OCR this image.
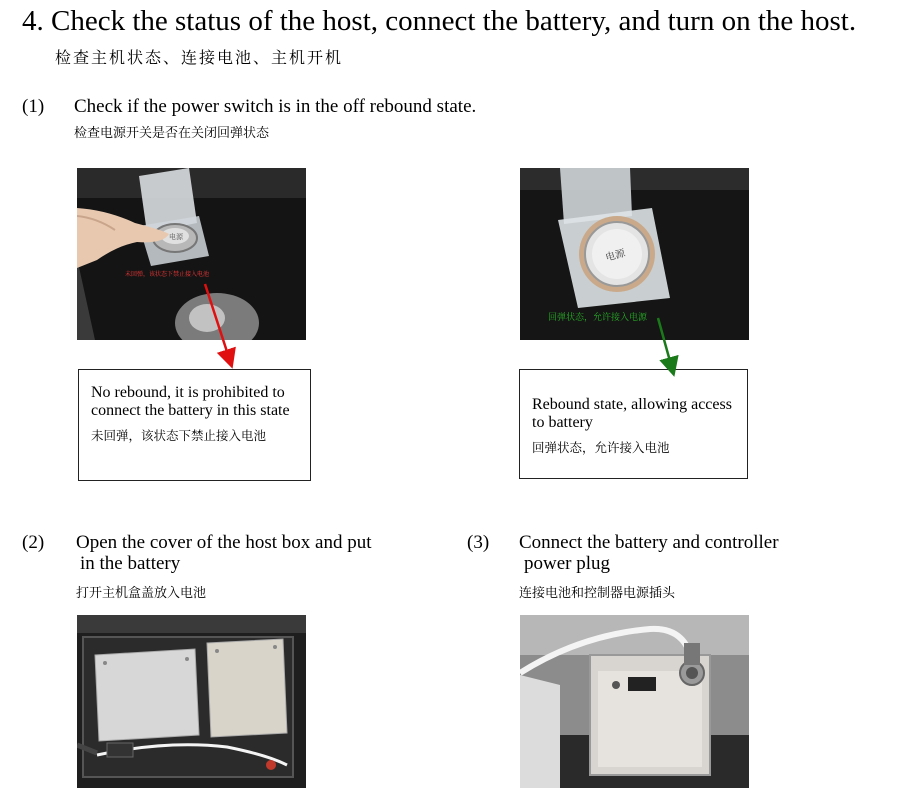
4. Check the status of the host, connect the battery, and turn on the host.
检查主机状态、连接电池、主机开机
(1) Check if the power switch is in the off rebound state.
检查电源开关是否在关闭回弹状态
电源
未回弹，该状态下禁止接入电池
电源
回弹状态，允许接入电源
No rebound, it is prohibited to connect the battery in this state
未回弹，该状态下禁止接入电池
Rebound state, allowing access to battery
回弹状态，允许接入电池
(2) Open the cover of the host box and put
in the battery
打开主机盒盖放入电池
(3) Connect the battery and controller
power plug
连接电池和控制器电源插头
